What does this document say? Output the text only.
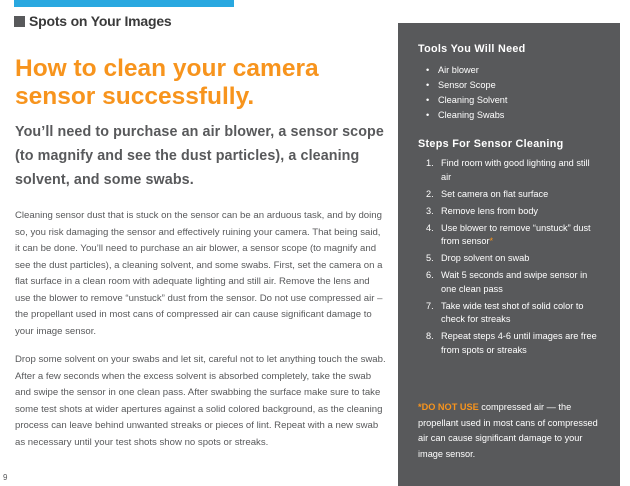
Spots on Your Images
How to clean your camera sensor successfully.

You’ll need to purchase an air blower, a sensor scope (to magnify and see the dust particles), a cleaning solvent, and some swabs.

Cleaning sensor dust that is stuck on the sensor can be an arduous task, and by doing so, you risk damaging the sensor and effectively ruining your camera. That being said, it can be done. You’ll need to purchase an air blower, a sensor scope (to magnify and see the dust particles), a cleaning solvent, and some swabs. First, set the camera on a flat surface in a clean room with adequate lighting and still air. Remove the lens and use the blower to remove “unstuck” dust from the sensor. Do not use compressed air – the propellant used in most cans of compressed air can cause significant damage to your image sensor.

Drop some solvent on your swabs and let sit, careful not to let anything touch the swab. After a few seconds when the excess solvent is absorbed completely, take the swab and swipe the sensor in one clean pass. After swabbing the surface make sure to take some test shots at wider apertures against a solid colored background, as the cleaning process can leave behind unwanted streaks or pieces of lint. Repeat with a new swab as necessary until your test shots show no spots or streaks.

9
Tools You Will Need
• Air blower
• Sensor Scope
• Cleaning Solvent
• Cleaning Swabs
Steps For Sensor Cleaning
1. Find room with good lighting and still air
2. Set camera on flat surface
3. Remove lens from body
4. Use blower to remove “unstuck” dust from sensor*
5. Drop solvent on swab
6. Wait 5 seconds and swipe sensor in one clean pass
7. Take wide test shot of solid color to check for streaks
8. Repeat steps 4-6 until images are free from spots or streaks

*DO NOT USE compressed air — the propellant used in most cans of compressed air can cause significant damage to your image sensor.
